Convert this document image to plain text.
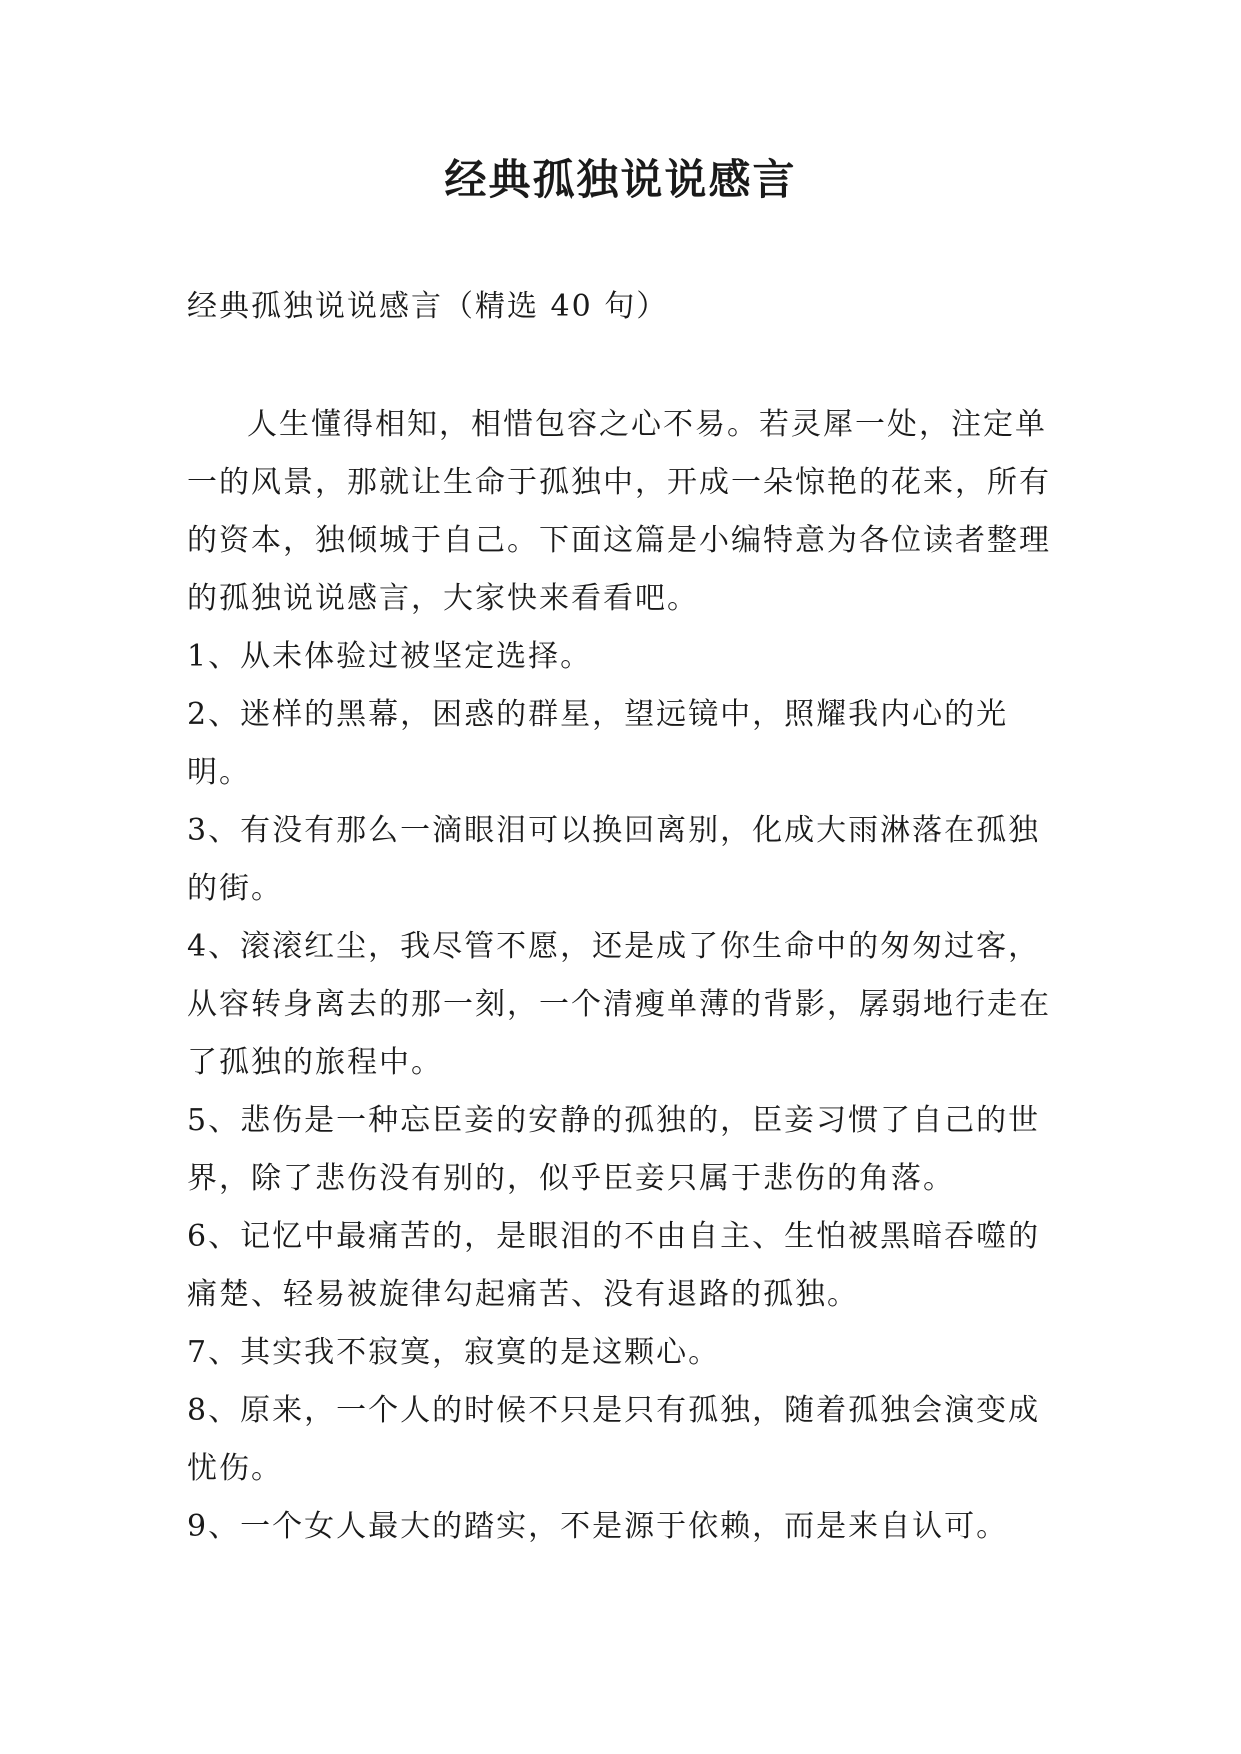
经典孤独说说感言

经典孤独说说感言（精选 40 句）

人生懂得相知，相惜包容之心不易。若灵犀一处，注定单一的风景，那就让生命于孤独中，开成一朵惊艳的花来，所有的资本，独倾城于自己。下面这篇是小编特意为各位读者整理的孤独说说感言，大家快来看看吧。

1、从未体验过被坚定选择。
2、迷样的黑幕，困惑的群星，望远镜中，照耀我内心的光明。
3、有没有那么一滴眼泪可以换回离别，化成大雨淋落在孤独的街。
4、滚滚红尘，我尽管不愿，还是成了你生命中的匆匆过客，从容转身离去的那一刻，一个清瘦单薄的背影，孱弱地行走在了孤独的旅程中。
5、悲伤是一种忘臣妾的安静的孤独的，臣妾习惯了自己的世界，除了悲伤没有别的，似乎臣妾只属于悲伤的角落。
6、记忆中最痛苦的，是眼泪的不由自主、生怕被黑暗吞噬的痛楚、轻易被旋律勾起痛苦、没有退路的孤独。
7、其实我不寂寞，寂寞的是这颗心。
8、原来，一个人的时候不只是只有孤独，随着孤独会演变成忧伤。
9、一个女人最大的踏实，不是源于依赖，而是来自认可。
